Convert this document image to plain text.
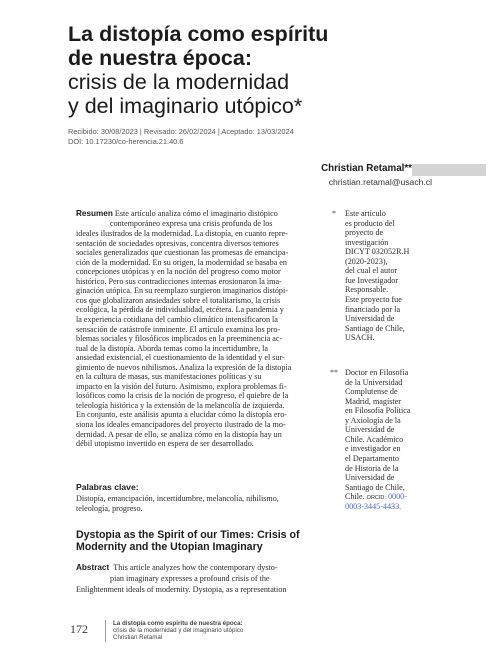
La distopía como espíritu
de nuestra época:
crisis de la modernidad
y del imaginario utópico*
Recibido: 30/08/2023 | Revisado: 26/02/2024 | Aceptado: 13/03/2024
DOI: 10.17230/co-herencia.21.40.6
Christian Retamal**
christian.retamal@usach.cl
Resumen Este artículo analiza cómo el imaginario distópico
contemporáneo expresa una crisis profunda de los
ideales ilustrados de la modernidad. La distopía, en cuanto repre-
sentación de sociedades opresivas, concentra diversos temores
sociales generalizados que cuestionan las promesas de emancipa-
ción de la modernidad. En su origen, la modernidad se basaba en
concepciones utópicas y en la noción del progreso como motor
histórico. Pero sus contradicciones internas erosionaron la ima-
ginación utópica. En su reemplazo surgieron imaginarios distópi-
cos que globalizaron ansiedades sobre el totalitarismo, la crisis
ecológica, la pérdida de individualidad, etcétera. La pandemia y
la experiencia cotidiana del cambio climático intensificaron la
sensación de catástrofe inminente. El artículo examina los pro-
blemas sociales y filosóficos implicados en la preeminencia ac-
tual de la distopía. Aborda temas como la incertidumbre, la
ansiedad existencial, el cuestionamiento de la identidad y el sur-
gimiento de nuevos nihilismos. Analiza la expresión de la distopía
en la cultura de masas, sus manifestaciones políticas y su
impacto en la visión del futuro. Asimismo, explora problemas fi-
losóficos como la crisis de la noción de progreso, el quiebre de la
teleología histórica y la extensión de la melancolía de izquierda.
En conjunto, este análisis apunta a elucidar cómo la distopía ero-
siona los ideales emancipadores del proyecto ilustrado de la mo-
dernidad. A pesar de ello, se analiza cómo en la distopía hay un
débil utopismo invertido en espera de ser desarrollado.
* Este artículo
es producto del
proyecto de
investigación
DICYT 032052R.H
(2020-2023),
del cual el autor
fue Investigador
Responsable.
Este proyecto fue
financiado por la
Universidad de
Santiago de Chile,
USACH.
** Doctor en Filosofía
de la Universidad
Complutense de
Madrid, magíster
en Filosofía Política
y Axiología de la
Universidad de
Chile. Académico
e investigador en
el Departamento
de Historia de la
Universidad de
Santiago de Chile,
Chile. ORCID: 0000-
0003-3445-4433.
Palabras clave:
Distopía, emancipación, incertidumbre, melancolía, nihilismo,
teleología, progreso.
Dystopia as the Spirit of our Times: Crisis of
Modernity and the Utopian Imaginary
Abstract This article analyzes how the contemporary dysto-
pian imaginary expresses a profound crisis of the
Enlightenment ideals of modernity. Dystopia, as a representation
172	La distopía como espíritu de nuestra época:
crisis de la modernidad y del imaginario utópico
Christian Retamal
